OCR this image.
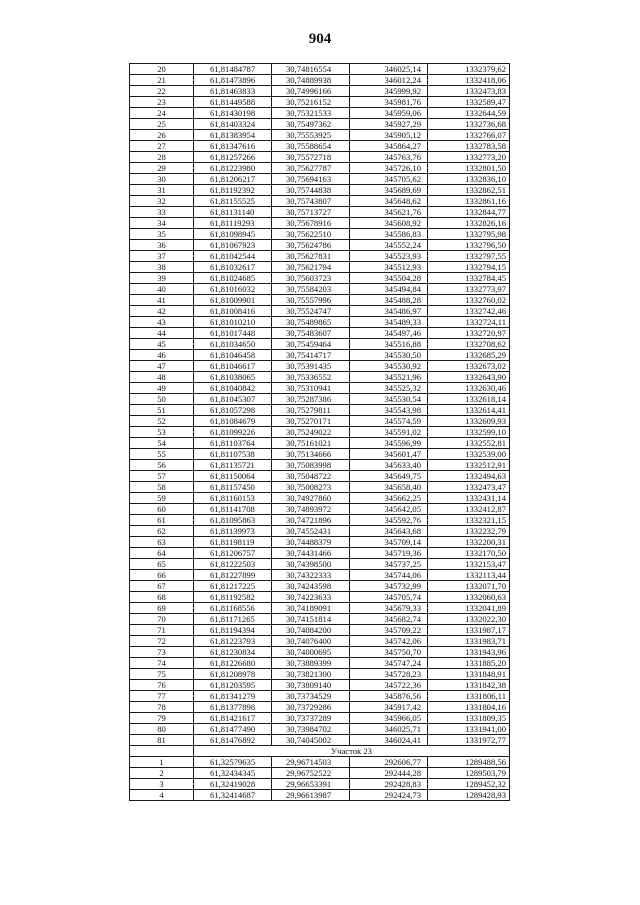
904
20	61,81484787	30,74816554	346025,14	1332379,62
21	61,81473896	30,74889938	346012,24	1332418,06
22	61,81463833	30,74996166	345999,92	1332473,83
23	61,81449588	30,75216152	345981,76	1332589,47
24	61,81430198	30,75321533	345959,06	1332644,59
25	61,81403324	30,75497362	345927,29	1332736,68
26	61,81383954	30,75553925	345905,12	1332766,07
27	61,81347616	30,75588654	345864,27	1332783,58
28	61,81257266	30,75572718	345763,76	1332773,20
29	61,81223980	30,75627787	345726,10	1332801,50
30	61,81206217	30,75694163	345705,62	1332836,10
31	61,81192392	30,75744838	345689,69	1332862,51
32	61,81155525	30,75743807	345648,62	1332861,16
33	61,81131140	30,75713727	345621,76	1332844,77
34	61,81119293	30,75678916	345608,92	1332826,16
35	61,81098945	30,75622510	345586,83	1332795,98
36	61,81067923	30,75624786	345552,24	1332796,50
37	61,81042544	30,75627831	345523,93	1332797,55
38	61,81032617	30,75621794	345512,93	1332794,15
39	61,81024685	30,75603723	345504,28	1332784,45
40	61,81016032	30,75584203	345494,84	1332773,97
41	61,81009901	30,75557996	345488,28	1332760,02
42	61,81008416	30,75524747	345486,97	1332742,46
43	61,81010210	30,75489865	345489,33	1332724,11
44	61,81017448	30,75483607	345497,46	1332720,97
45	61,81034650	30,75459464	345516,88	1332708,62
46	61,81046458	30,75414717	345530,50	1332685,29
47	61,81046617	30,75391435	345530,92	1332673,02
48	61,81038065	30,75336552	345521,96	1332643,90
49	61,81040842	30,75310941	345525,32	1332630,46
50	61,81045307	30,75287386	345530,54	1332618,14
51	61,81057298	30,75279811	345543,98	1332614,41
52	61,81084679	30,75270171	345574,59	1332609,93
53	61,81099226	30,75249022	345591,02	1332599,10
54	61,81103764	30,75161021	345596,99	1332552,81
55	61,81107538	30,75134666	345601,47	1332539,00
56	61,81135721	30,75083998	345633,40	1332512,91
57	61,81150064	30,75048722	345649,75	1332494,63
58	61,81157450	30,75008273	345658,40	1332473,47
59	61,81160153	30,74927860	345662,25	1332431,14
60	61,81141708	30,74893972	345642,05	1332412,87
61	61,81095863	30,74721896	345592,76	1332321,15
62	61,81139973	30,74552431	345643,68	1332232,79
63	61,81198119	30,74488379	345709,14	1332200,31
64	61,81206757	30,74431466	345719,36	1332170,50
65	61,81222503	30,74398500	345737,25	1332153,47
66	61,81227899	30,74322333	345744,06	1332113,44
67	61,81217225	30,74243598	345732,99	1332071,70
68	61,81192582	30,74223633	345705,74	1332060,63
69	61,81168556	30,74189091	345679,33	1332041,89
70	61,81171265	30,74151814	345682,74	1332022,30
71	61,81194394	30,74084200	345709,22	1331987,17
72	61,81223793	30,74076400	345742,06	1331983,71
73	61,81230834	30,74000695	345750,70	1331943,96
74	61,81226680	30,73889399	345747,24	1331885,20
75	61,81208978	30,73821300	345728,23	1331848,91
76	61,81203595	30,73809140	345722,36	1331842,38
77	61,81341279	30,73734529	345876,56	1331806,11
78	61,81377898	30,73729286	345917,42	1331804,16
79	61,81421617	30,73737289	345966,05	1331809,35
80	61,81477490	30,73984702	346025,71	1331941,00
81	61,81476892	30,74045002	346024,41	1331972,77
	Участок 23			
1	61,32579635	29,96714503	292606,77	1289488,56
2	61,32434345	29,96752522	292444,28	1289503,79
3	61,32419028	29,96653391	292428,83	1289452,32
4	61,32414687	29,96613987	292424,73	1289428,93
